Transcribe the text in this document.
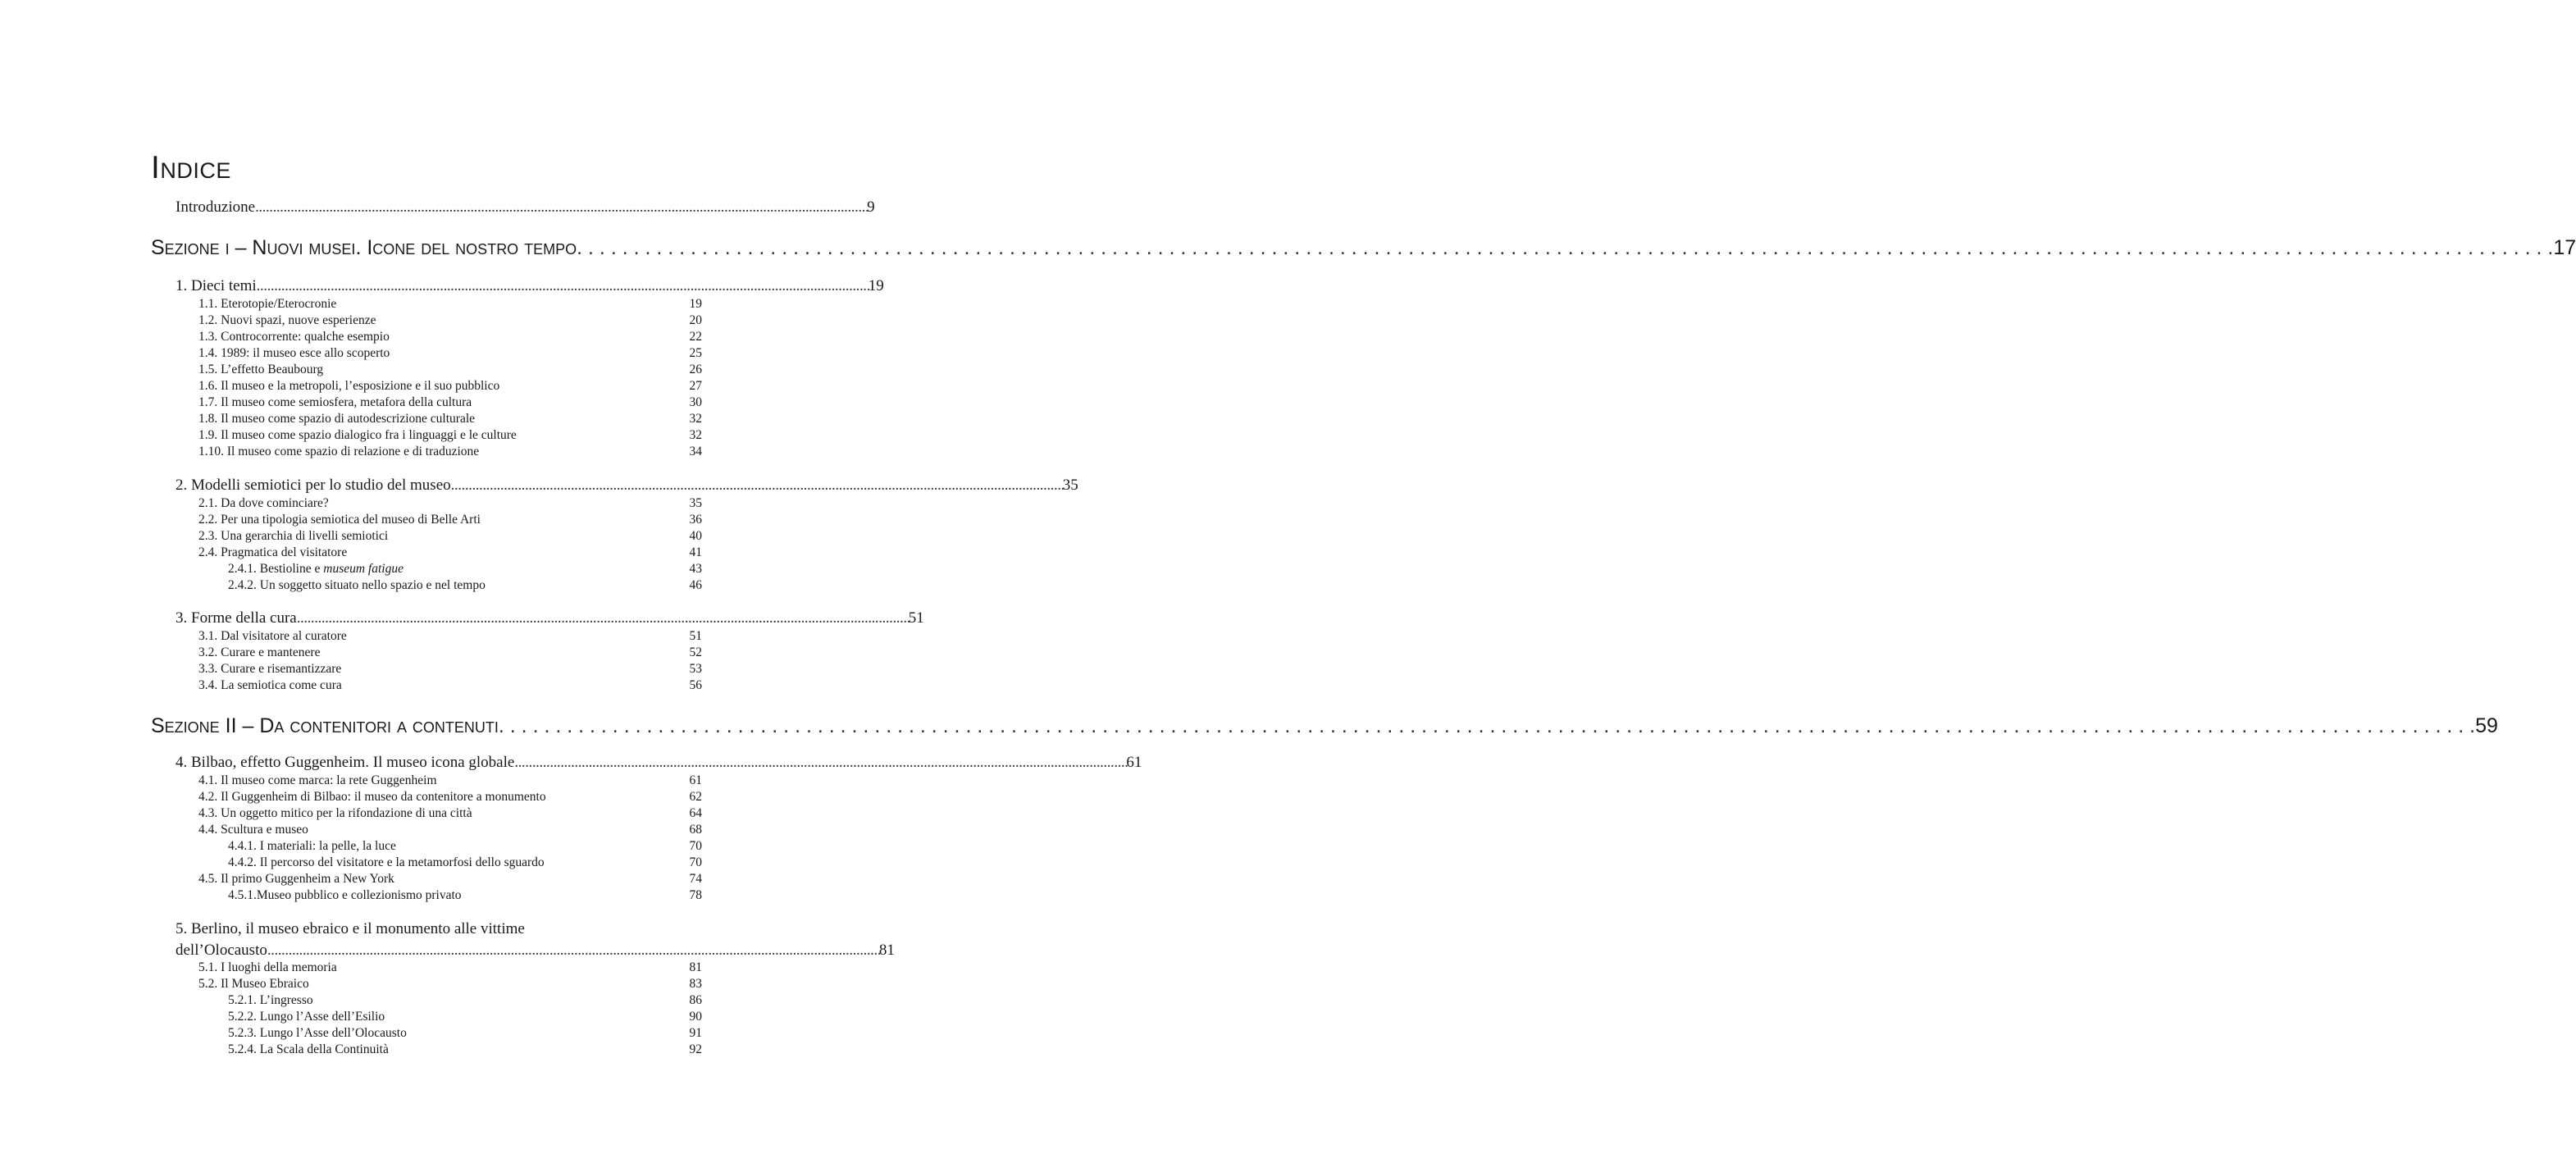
Indice
Introduzione . . .	9
Sezione i – Nuovi musei. Icone del nostro tempo . . .	17
1. Dieci temi . . .	19
1.1. Eterotopie/Eterocronie	19
1.2. Nuovi spazi, nuove esperienze	20
1.3. Controcorrente: qualche esempio	22
1.4. 1989: il museo esce allo scoperto	25
1.5. L’effetto Beaubourg	26
1.6. Il museo e la metropoli, l’esposizione e il suo pubblico	27
1.7. Il museo come semiosfera, metafora della cultura	30
1.8. Il museo come spazio di autodescrizione culturale	32
1.9. Il museo come spazio dialogico fra i linguaggi e le culture	32
1.10. Il museo come spazio di relazione e di traduzione	34
2. Modelli semiotici per lo studio del museo . . .	35
2.1. Da dove cominciare?	35
2.2. Per una tipologia semiotica del museo di Belle Arti	36
2.3. Una gerarchia di livelli semiotici	40
2.4. Pragmatica del visitatore	41
2.4.1. Bestioline e museum fatigue	43
2.4.2. Un soggetto situato nello spazio e nel tempo	46
3. Forme della cura . . .	51
3.1. Dal visitatore al curatore	51
3.2. Curare e mantenere	52
3.3. Curare e risemantizzare	53
3.4. La semiotica come cura	56
Sezione II – Da contenitori a contenuti . . .	59
4. Bilbao, effetto Guggenheim. Il museo icona globale . . .	61
4.1. Il museo come marca: la rete Guggenheim	61
4.2. Il Guggenheim di Bilbao: il museo da contenitore a monumento	62
4.3. Un oggetto mitico per la rifondazione di una città	64
4.4. Scultura e museo	68
4.4.1. I materiali: la pelle, la luce	70
4.4.2. Il percorso del visitatore e la metamorfosi dello sguardo	70
4.5. Il primo Guggenheim a New York	74
4.5.1.Museo pubblico e collezionismo privato	78
5. Berlino, il museo ebraico e il monumento alle vittime
dell’Olocausto . . .	81
5.1. I luoghi della memoria	81
5.2. Il Museo Ebraico	83
5.2.1. L’ingresso	86
5.2.2. Lungo l’Asse dell’Esilio	90
5.2.3. Lungo l’Asse dell’Olocausto	91
5.2.4. La Scala della Continuità	92
